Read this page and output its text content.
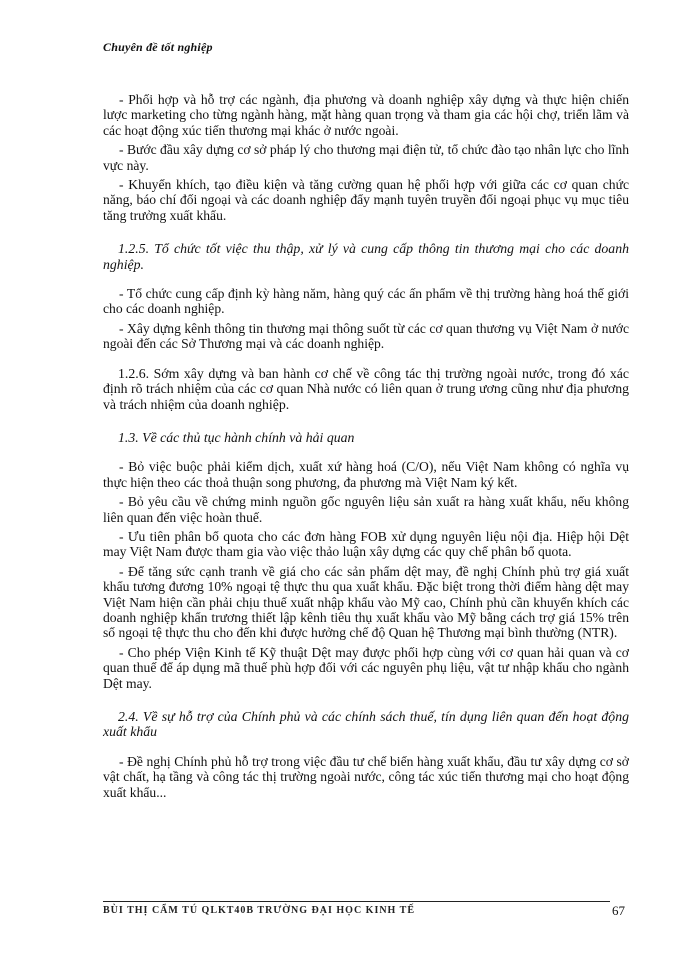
Chuyên đề tốt nghiệp

- Phối hợp và hỗ trợ các ngành, địa phương và doanh nghiệp xây dựng và thực hiện chiến lược marketing cho từng ngành hàng, mặt hàng quan trọng và tham gia các hội chợ, triển lãm và các hoạt động xúc tiến thương mại khác ở nước ngoài.

- Bước đầu xây dựng cơ sở pháp lý cho thương mại điện tử, tổ chức đào tạo nhân lực cho lĩnh vực này.

- Khuyến khích, tạo điều kiện và tăng cường quan hệ phối hợp với giữa các cơ quan chức năng, báo chí đối ngoại và các doanh nghiệp đẩy mạnh tuyên truyền đối ngoại phục vụ mục tiêu tăng trưởng xuất khẩu.

1.2.5. Tổ chức tốt việc thu thập, xử lý và cung cấp thông tin thương mại cho các doanh nghiệp.

- Tổ chức cung cấp định kỳ hàng năm, hàng quý các ấn phẩm về thị trường hàng hoá thế giới cho các doanh nghiệp.

- Xây dựng kênh thông tin thương mại thông suốt từ các cơ quan thương vụ Việt Nam ở nước ngoài đến các Sở Thương mại và các doanh nghiệp.

1.2.6. Sớm xây dựng và ban hành cơ chế về công tác thị trường ngoài nước, trong đó xác định rõ trách nhiệm của các cơ quan Nhà nước có liên quan ở trung ương cũng như địa phương và trách nhiệm của doanh nghiệp.

1.3. Về các thủ tục hành chính và hải quan

- Bỏ việc buộc phải kiểm dịch, xuất xứ hàng hoá (C/O), nếu Việt Nam không có nghĩa vụ thực hiện theo các thoả thuận song phương, đa phương mà Việt Nam ký kết.

- Bỏ yêu cầu về chứng minh nguồn gốc nguyên liệu sản xuất ra hàng xuất khẩu, nếu không liên quan đến việc hoàn thuế.

- Ưu tiên phân bổ quota cho các đơn hàng FOB xử dụng nguyên liệu nội địa. Hiệp hội Dệt may Việt Nam được tham gia vào việc thảo luận xây dựng các quy chế phân bổ quota.

- Để tăng sức cạnh tranh về giá cho các sản phẩm dệt may, đề nghị Chính phủ trợ giá xuất khẩu tương đương 10% ngoại tệ thực thu qua xuất khẩu. Đặc biệt trong thời điểm hàng dệt may Việt Nam hiện cần phải chịu thuế xuất nhập khẩu vào Mỹ cao, Chính phủ cần khuyến khích các doanh nghiệp khẩn trương thiết lập kênh tiêu thụ xuất khẩu vào Mỹ bằng cách trợ giá 15% trên số ngoại tệ thực thu cho đến khi được hưởng chế độ Quan hệ Thương mại bình thường (NTR).

- Cho phép Viện Kinh tế Kỹ thuật Dệt may được phối hợp cùng với cơ quan hải quan và cơ quan thuế để áp dụng mã thuế phù hợp đối với các nguyên phụ liệu, vật tư nhập khẩu cho ngành Dệt may.

2.4. Về sự hỗ trợ của Chính phủ và các chính sách thuế, tín dụng liên quan đến hoạt động xuất khẩu

- Đề nghị Chính phủ hỗ trợ trong việc đầu tư chế biến hàng xuất khẩu, đầu tư xây dựng cơ sở vật chất, hạ tầng và công tác thị trường ngoài nước, công tác xúc tiến thương mại cho hoạt động xuất khẩu...

BÙI THỊ CẨM TÚ QLKT40B TRƯỜNG ĐẠI HỌC KINH TẾ	67
